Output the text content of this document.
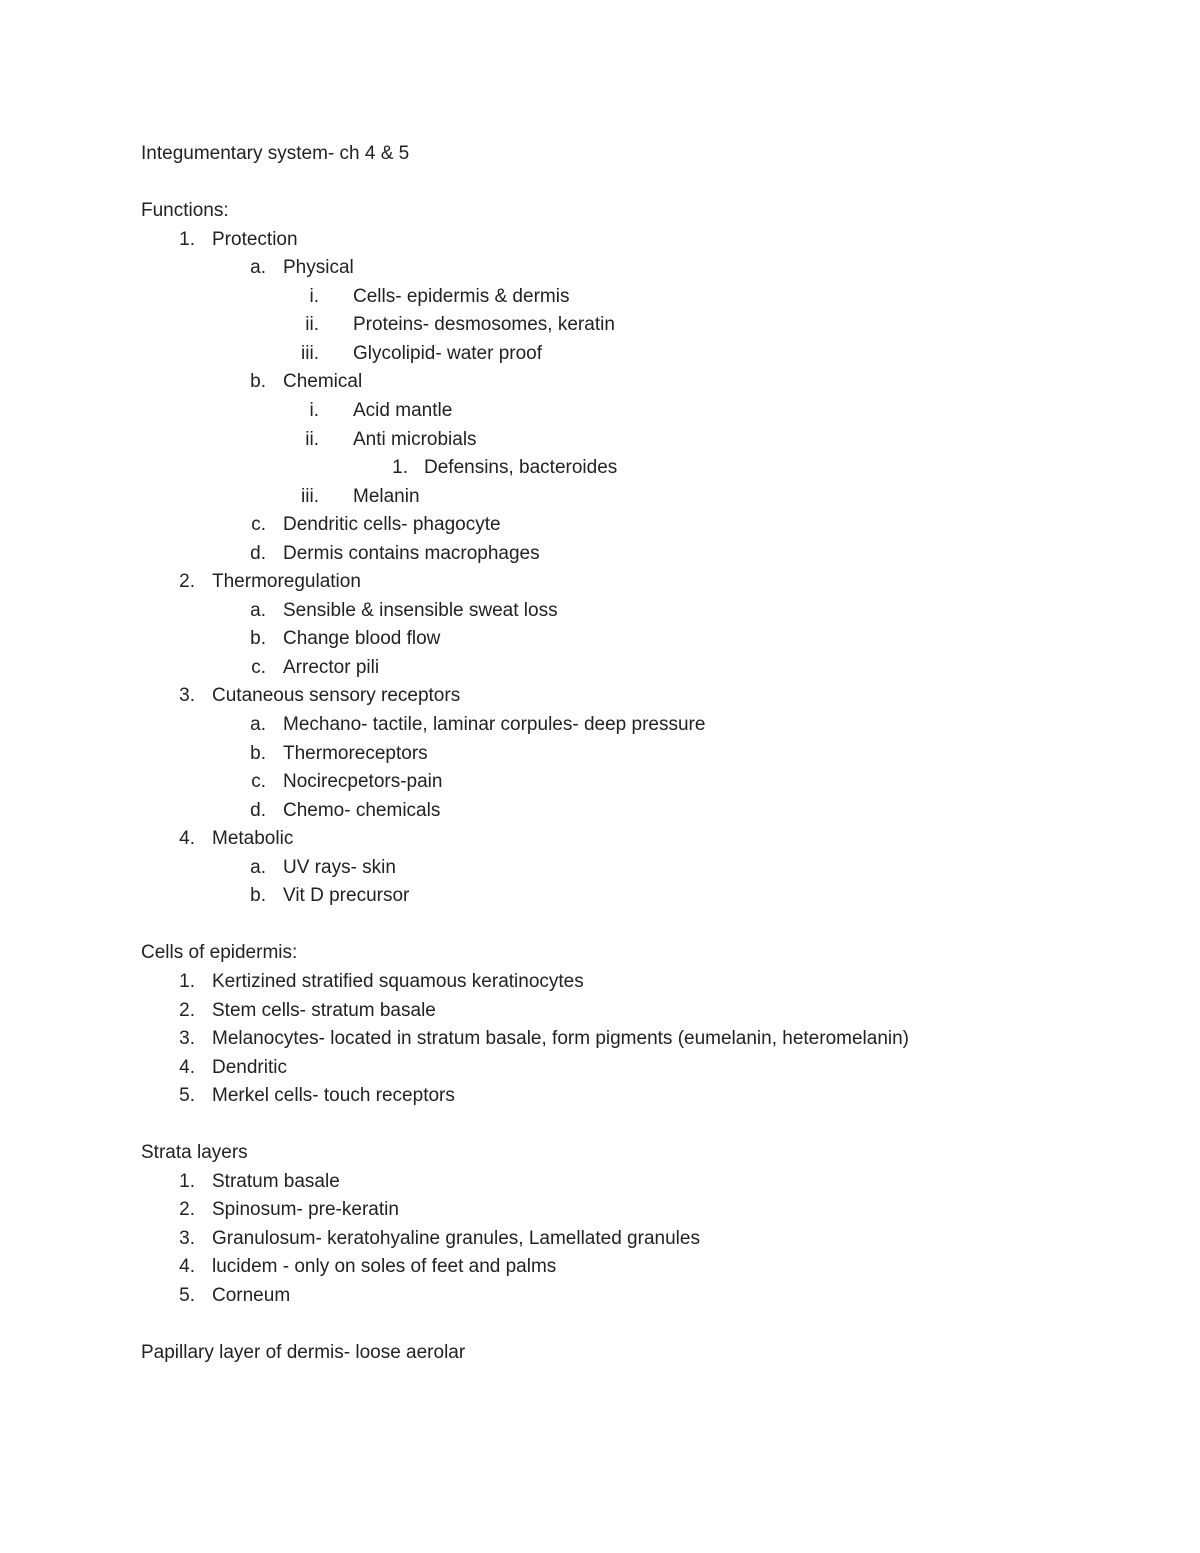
Integumentary system- ch 4 & 5
Functions:
1. Protection
a. Physical
i. Cells- epidermis & dermis
ii. Proteins- desmosomes, keratin
iii. Glycolipid- water proof
b. Chemical
i. Acid mantle
ii. Anti microbials
1. Defensins, bacteroides
iii. Melanin
c. Dendritic cells- phagocyte
d. Dermis contains macrophages
2. Thermoregulation
a. Sensible & insensible sweat loss
b. Change blood flow
c. Arrector pili
3. Cutaneous sensory receptors
a. Mechano- tactile, laminar corpules- deep pressure
b. Thermoreceptors
c. Nocirecpetors-pain
d. Chemo- chemicals
4. Metabolic
a. UV rays- skin
b. Vit D precursor
Cells of epidermis:
1. Kertizined stratified squamous keratinocytes
2. Stem cells- stratum basale
3. Melanocytes- located in stratum basale, form pigments (eumelanin, heteromelanin)
4. Dendritic
5. Merkel cells- touch receptors
Strata layers
1. Stratum basale
2. Spinosum- pre-keratin
3. Granulosum- keratohyaline granules, Lamellated granules
4. lucidem - only on soles of feet and palms
5. Corneum
Papillary layer of dermis- loose aerolar
